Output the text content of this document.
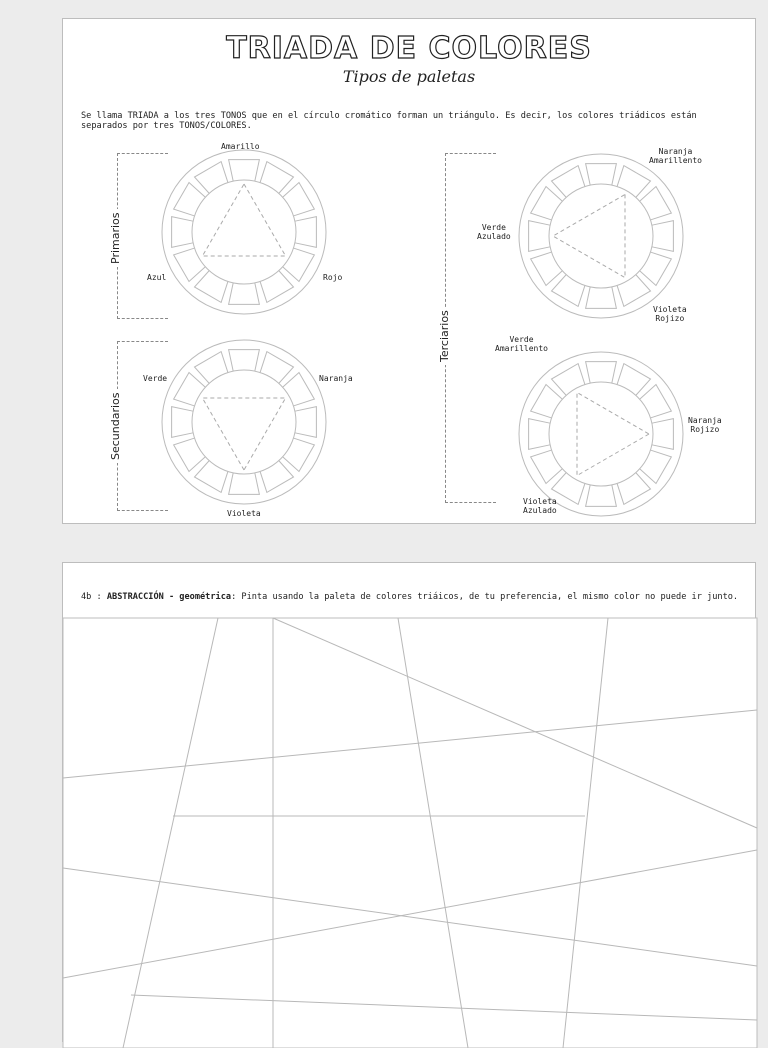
TRIADA DE COLORES
Tipos de paletas
Se llama TRIADA a los tres TONOS que en el círculo cromático forman un triángulo. Es decir, los colores triádicos están separados por tres TONOS/COLORES.
Primarios
Secundarios
Terciarios
Amarillo
Azul	Rojo
Verde	Naranja
Violeta
Naranja
Amarillento
Verde
Azulado
Violeta
Rojizo
Verde
Amarillento
Naranja
Rojizo
Violeta
Azulado
4b : ABSTRACCIÓN - geométrica: Pinta usando la paleta de colores triáicos, de tu preferencia, el mismo color no puede ir junto.
